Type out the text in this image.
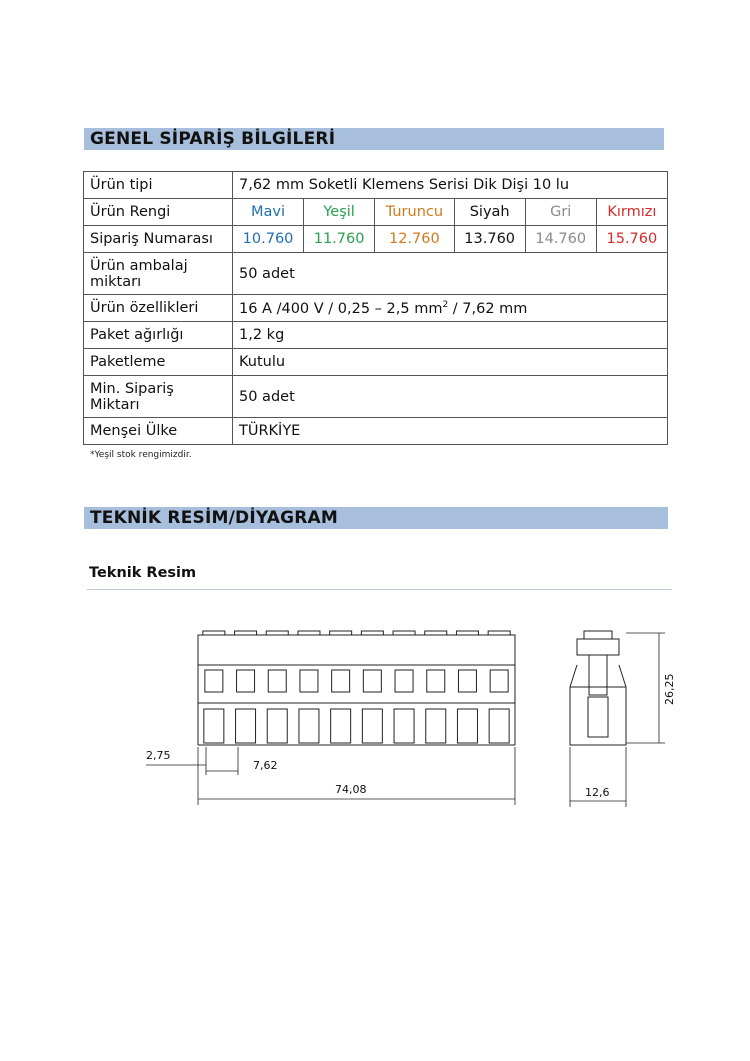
GENEL SİPARİŞ BİLGİLERİ
Ürün tipi	7,62 mm Soketli Klemens Serisi Dik Dişi 10 lu					
Ürün Rengi	Mavi	Yeşil	Turuncu	Siyah	Gri	Kırmızı
Sipariş Numarası	10.760	11.760	12.760	13.760	14.760	15.760
Ürün ambalaj
miktarı	50 adet					
Ürün özellikleri	16 A /400 V / 0,25 – 2,5 $mm^2 / 7,62$ mm					
Paket ağırlığı	1,2 kg					
Paketleme	Kutulu					
Min. Sipariş
Miktarı	50 adet					
Menşei Ülke	TÜRKİYE					
*Yeşil stok rengimizdir.
TEKNİK RESİM/DİYAGRAM
Teknik Resim
74,08
2,75
7,62
12,6
26,25
